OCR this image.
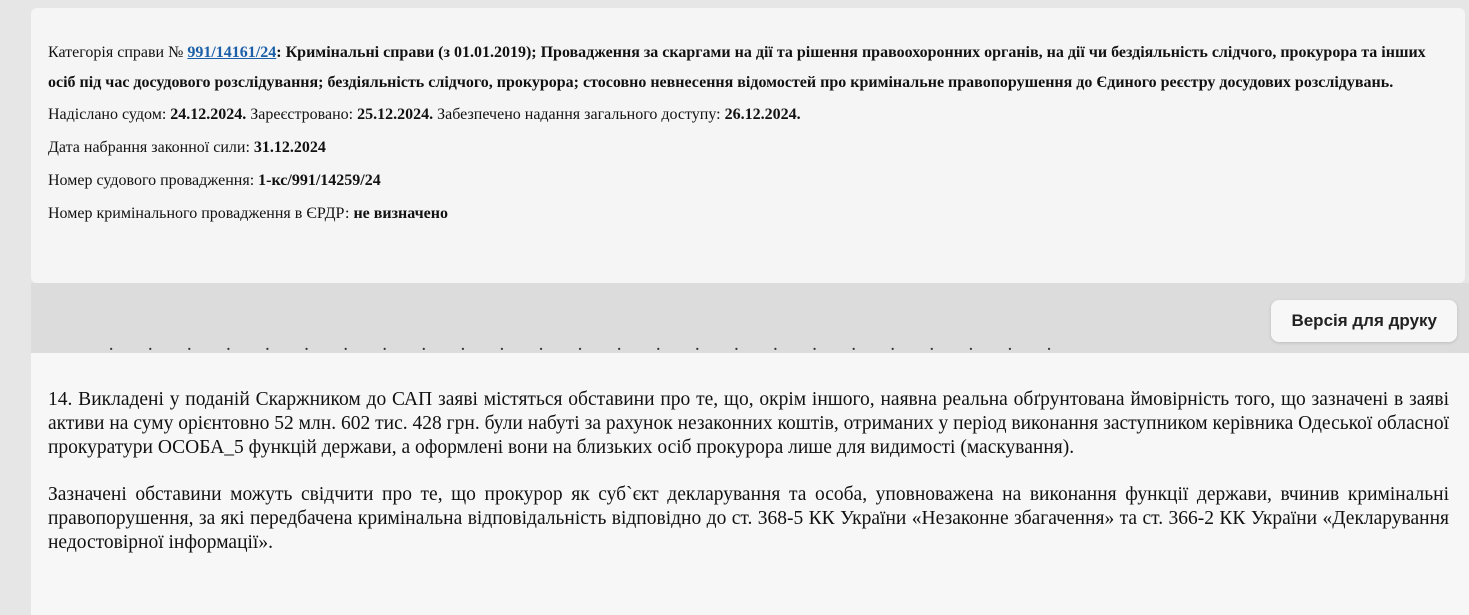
Категорія справи № 991/14161/24: Кримінальні справи (з 01.01.2019); Провадження за скаргами на дії та рішення правоохоронних органів, на дії чи бездіяльність слідчого, прокурора та інших осіб під час досудового розслідування; бездіяльність слідчого, прокурора; стосовно невнесення відомостей про кримінальне правопорушення до Єдиного реєстру досудових розслідувань.

Надіслано судом: 24.12.2024. Зареєстровано: 25.12.2024. Забезпечено надання загального доступу: 26.12.2024.

Дата набрання законної сили: 31.12.2024

Номер судового провадження: 1-кс/991/14259/24

Номер кримінального провадження в ЄРДР: не визначено

Версія для друку
· · · · · · · · · · · · · · · · · · · · · · · · ·

14. Викладені у поданій Скаржником до САП заяві містяться обставини про те, що, окрім іншого, наявна реальна обґрунтована ймовірність того, що зазначені в заяві активи на суму орієнтовно 52 млн. 602 тис. 428 грн. були набуті за рахунок незаконних коштів, отриманих у період виконання заступником керівника Одеської обласної прокуратури ОСОБА_5 функцій держави, а оформлені вони на близьких осіб прокурора лише для видимості (маскування).

Зазначені обставини можуть свідчити про те, що прокурор як суб`єкт декларування та особа, уповноважена на виконання функції держави, вчинив кримінальні правопорушення, за які передбачена кримінальна відповідальність відповідно до ст. 368-5 КК України «Незаконне збагачення» та ст. 366-2 КК України «Декларування недостовірної інформації».
